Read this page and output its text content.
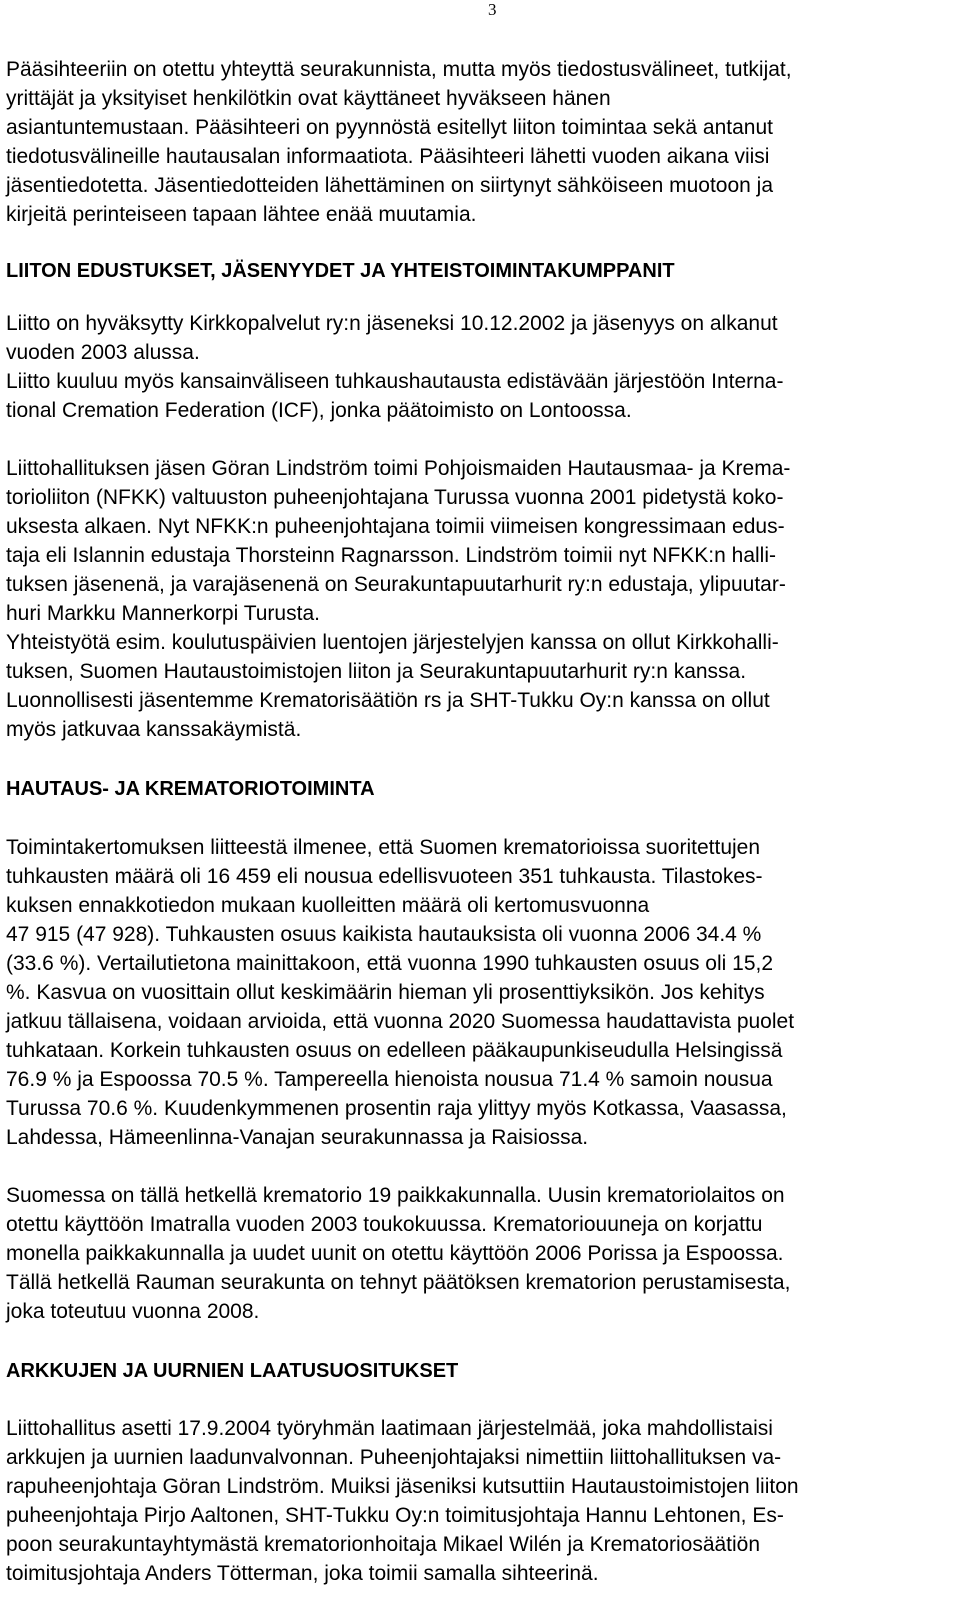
3

Pääsihteeriin on otettu yhteyttä seurakunnista, mutta myös tiedostusvälineet, tutkijat,
yrittäjät ja yksityiset henkilötkin ovat käyttäneet hyväkseen hänen
asiantuntemustaan. Pääsihteeri on pyynnöstä esitellyt liiton toimintaa sekä antanut
tiedotusvälineille hautausalan informaatiota. Pääsihteeri lähetti vuoden aikana viisi
jäsentiedotetta. Jäsentiedotteiden lähettäminen on siirtynyt sähköiseen muotoon ja
kirjeitä perinteiseen tapaan lähtee enää muutamia.

LIITON EDUSTUKSET, JÄSENYYDET JA YHTEISTOIMINTAKUMPPANIT

Liitto on hyväksytty Kirkkopalvelut ry:n jäseneksi 10.12.2002 ja jäsenyys on alkanut
vuoden 2003 alussa.
Liitto kuuluu myös kansainväliseen tuhkaushautausta edistävään järjestöön Interna-
tional Cremation Federation (ICF), jonka päätoimisto on Lontoossa.

Liittohallituksen jäsen Göran Lindström toimi Pohjoismaiden Hautausmaa- ja Krema-
torioliiton (NFKK) valtuuston puheenjohtajana Turussa vuonna 2001 pidetystä koko-
uksesta alkaen. Nyt NFKK:n puheenjohtajana toimii viimeisen kongressimaan edus-
taja eli Islannin edustaja Thorsteinn Ragnarsson. Lindström toimii nyt NFKK:n halli-
tuksen jäsenenä, ja varajäsenenä on Seurakuntapuutarhurit ry:n edustaja, ylipuutar-
huri Markku Mannerkorpi Turusta.
Yhteistyötä esim. koulutuspäivien luentojen järjestelyjen kanssa on ollut Kirkkohalli-
tuksen, Suomen Hautaustoimistojen liiton ja Seurakuntapuutarhurit ry:n kanssa.
Luonnollisesti jäsentemme Krematorisäätiön rs ja SHT-Tukku Oy:n kanssa on ollut
myös jatkuvaa kanssakäymistä.

HAUTAUS- JA KREMATORIOTOIMINTA

Toimintakertomuksen liitteestä ilmenee, että Suomen krematorioissa suoritettujen
tuhkausten määrä oli 16 459 eli nousua edellisvuoteen 351 tuhkausta. Tilastokes-
kuksen ennakkotiedon mukaan kuolleitten määrä oli kertomusvuonna
47 915 (47 928). Tuhkausten osuus kaikista hautauksista oli vuonna 2006 34.4 %
(33.6 %). Vertailutietona mainittakoon, että vuonna 1990 tuhkausten osuus oli 15,2
%. Kasvua on vuosittain ollut keskimäärin hieman yli prosenttiyksikön. Jos kehitys
jatkuu tällaisena, voidaan arvioida, että vuonna 2020 Suomessa haudattavista puolet
tuhkataan. Korkein tuhkausten osuus on edelleen pääkaupunkiseudulla Helsingissä
76.9 % ja Espoossa 70.5 %. Tampereella hienoista nousua 71.4 % samoin nousua
Turussa 70.6 %. Kuudenkymmenen prosentin raja ylittyy myös Kotkassa, Vaasassa,
Lahdessa, Hämeenlinna-Vanajan seurakunnassa ja Raisiossa.

Suomessa on tällä hetkellä krematorio 19 paikkakunnalla. Uusin krematoriolaitos on
otettu käyttöön Imatralla vuoden 2003 toukokuussa. Krematoriouuneja on korjattu
monella paikkakunnalla ja uudet uunit on otettu käyttöön 2006 Porissa ja Espoossa.
Tällä hetkellä Rauman seurakunta on tehnyt päätöksen krematorion perustamisesta,
joka toteutuu vuonna 2008.

ARKKUJEN JA UURNIEN LAATUSUOSITUKSET

Liittohallitus asetti 17.9.2004 työryhmän laatimaan järjestelmää, joka mahdollistaisi
arkkujen ja uurnien laadunvalvonnan. Puheenjohtajaksi nimettiin liittohallituksen va-
rapuheenjohtaja Göran Lindström. Muiksi jäseniksi kutsuttiin Hautaustoimistojen liiton
puheenjohtaja Pirjo Aaltonen, SHT-Tukku Oy:n toimitusjohtaja Hannu Lehtonen, Es-
poon seurakuntayhtymästä krematorionhoitaja Mikael Wilén ja Krematoriosäätiön
toimitusjohtaja Anders Tötterman, joka toimii samalla sihteerinä.
